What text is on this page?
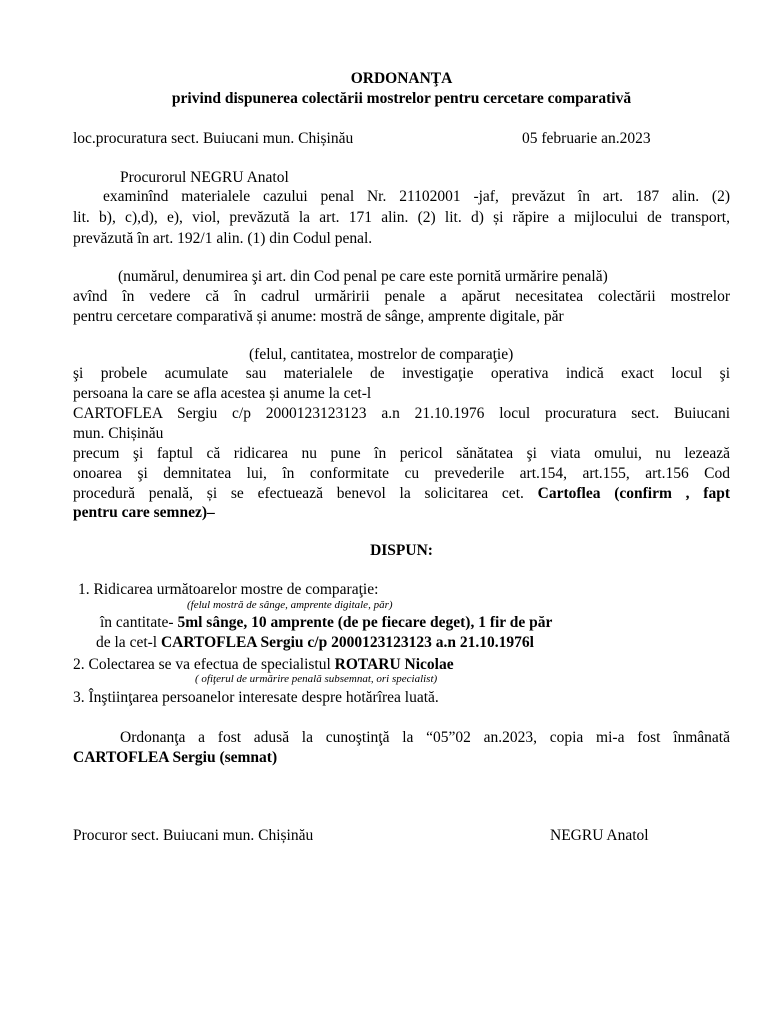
ORDONANŢA
privind dispunerea colectării mostrelor pentru cercetare comparativă
loc.procuratura sect. Buiucani mun. Chișinău	05 februarie an.2023
Procurorul NEGRU Anatol
examinînd materialele cazului penal Nr. 21102001 -jaf, prevăzut în art. 187 alin. (2)
lit. b), c),d), e), viol, prevăzută la art. 171 alin. (2) lit. d) și răpire a mijlocului de transport,
prevăzută în art. 192/1 alin. (1) din Codul penal.
(numărul, denumirea şi art. din Cod penal pe care este pornită urmărire penală)
avînd în vedere că în cadrul urmăririi penale a apărut necesitatea colectării mostrelor
pentru cercetare comparativă și anume: mostră de sânge, amprente digitale, păr
(felul, cantitatea, mostrelor de comparaţie)
şi probele acumulate sau materialele de investigaţie operativa indică exact locul şi
persoana la care se afla acestea și anume la cet-l
CARTOFLEA Sergiu c/p 2000123123123 a.n 21.10.1976 locul procuratura sect. Buiucani
mun. Chișinău
precum şi faptul că ridicarea nu pune în pericol sănătatea şi viata omului, nu lezează
onoarea şi demnitatea lui, în conformitate cu prevederile art.154, art.155, art.156 Cod
procedură penală, și se efectuează benevol la solicitarea cet. Cartoflea (confirm , fapt
pentru care semnez)–
DISPUN:
1. Ridicarea următoarelor mostre de comparaţie:
(felul mostră de sânge, amprente digitale, păr)
în cantitate- 5ml sânge, 10 amprente (de pe fiecare deget), 1 fir de păr
de la cet-l CARTOFLEA Sergiu c/p 2000123123123 a.n 21.10.1976l
2. Colectarea se va efectua de specialistul ROTARU Nicolae
( ofiţerul de urmărire penală subsemnat, ori specialist)
3. Înştiinţarea persoanelor interesate despre hotărîrea luată.
Ordonanţa a fost adusă la cunoştinţă la “05”02 an.2023, copia mi-a fost înmânată
CARTOFLEA Sergiu (semnat)
Procuror sect. Buiucani mun. Chișinău	NEGRU Anatol
